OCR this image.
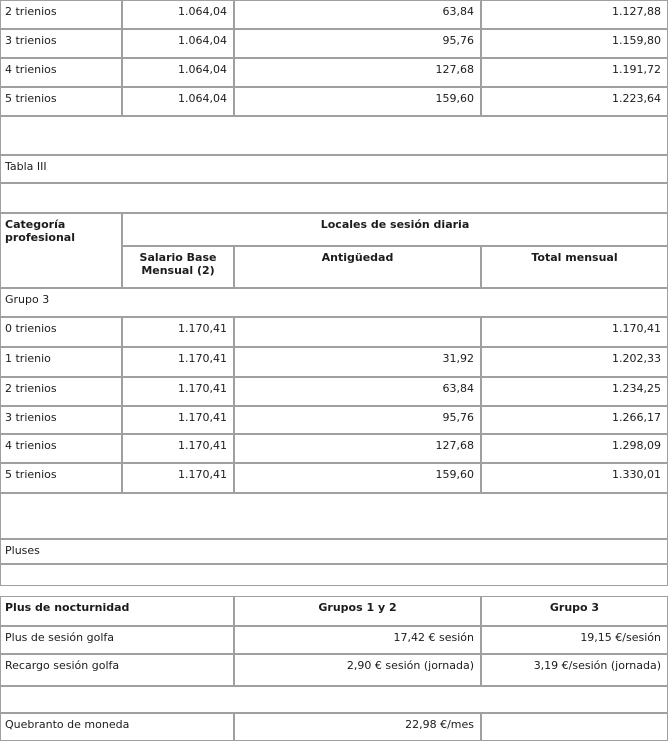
2 trienios	1.064,04	63,84	1.127,88
3 trienios	1.064,04	95,76	1.159,80
4 trienios	1.064,04	127,68	1.191,72
5 trienios	1.064,04	159,60	1.223,64

Tabla III			

Categoría profesional	Locales de sesión diaria		
	Salario Base Mensual (2)	Antigüedad	Total mensual
Grupo 3			
0 trienios	1.170,41		1.170,41
1 trienio	1.170,41	31,92	1.202,33
2 trienios	1.170,41	63,84	1.234,25
3 trienios	1.170,41	95,76	1.266,17
4 trienios	1.170,41	127,68	1.298,09
5 trienios	1.170,41	159,60	1.330,01

Pluses			

Plus de nocturnidad	Grupos 1 y 2	Grupo 3
Plus de sesión golfa	17,42 € sesión	19,15 €/sesión
Recargo sesión golfa	2,90 € sesión (jornada)	3,19 €/sesión (jornada)

Quebranto de moneda	22,98 €/mes	
